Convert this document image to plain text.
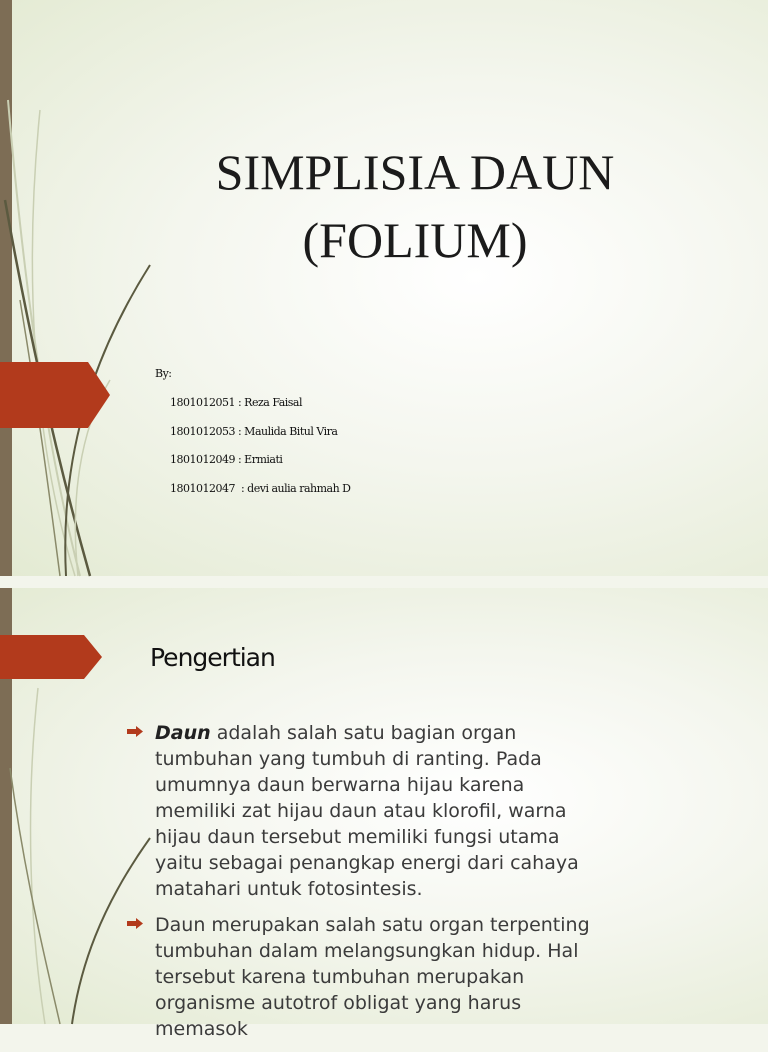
SIMPLISIA DAUN
(FOLIUM)
By:
1801012051 : Reza Faisal
1801012053 : Maulida Bitul Vira
1801012049 : Ermiati
1801012047  : devi aulia rahmah D
Pengertian
Daun adalah salah satu bagian organ tumbuhan yang tumbuh di ranting. Pada umumnya daun berwarna hijau karena memiliki zat hijau daun atau klorofil, warna hijau daun tersebut memiliki fungsi utama yaitu sebagai penangkap energi dari cahaya matahari untuk fotosintesis.
Daun merupakan salah satu organ terpenting tumbuhan dalam melangsungkan hidup. Hal tersebut karena tumbuhan merupakan organisme autotrof obligat yang harus memasok
